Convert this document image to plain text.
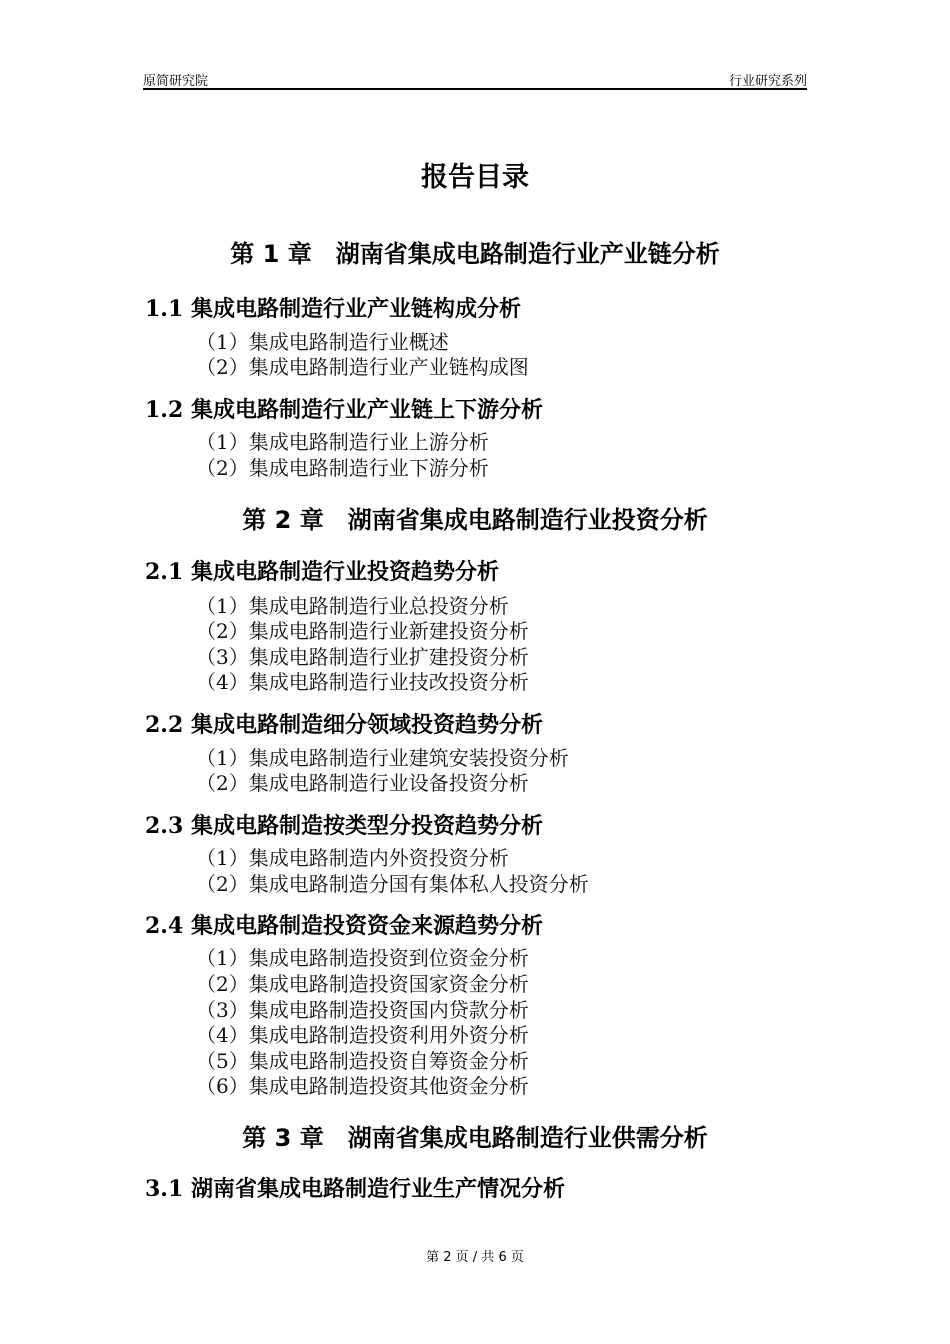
原简研究院	行业研究系列
报告目录
第 1 章　湖南省集成电路制造行业产业链分析
1.1 集成电路制造行业产业链构成分析
（1）集成电路制造行业概述
（2）集成电路制造行业产业链构成图
1.2 集成电路制造行业产业链上下游分析
（1）集成电路制造行业上游分析
（2）集成电路制造行业下游分析
第 2 章　湖南省集成电路制造行业投资分析
2.1 集成电路制造行业投资趋势分析
（1）集成电路制造行业总投资分析
（2）集成电路制造行业新建投资分析
（3）集成电路制造行业扩建投资分析
（4）集成电路制造行业技改投资分析
2.2 集成电路制造细分领域投资趋势分析
（1）集成电路制造行业建筑安装投资分析
（2）集成电路制造行业设备投资分析
2.3 集成电路制造按类型分投资趋势分析
（1）集成电路制造内外资投资分析
（2）集成电路制造分国有集体私人投资分析
2.4 集成电路制造投资资金来源趋势分析
（1）集成电路制造投资到位资金分析
（2）集成电路制造投资国家资金分析
（3）集成电路制造投资国内贷款分析
（4）集成电路制造投资利用外资分析
（5）集成电路制造投资自筹资金分析
（6）集成电路制造投资其他资金分析
第 3 章　湖南省集成电路制造行业供需分析
3.1 湖南省集成电路制造行业生产情况分析
第 2 页 / 共 6 页
